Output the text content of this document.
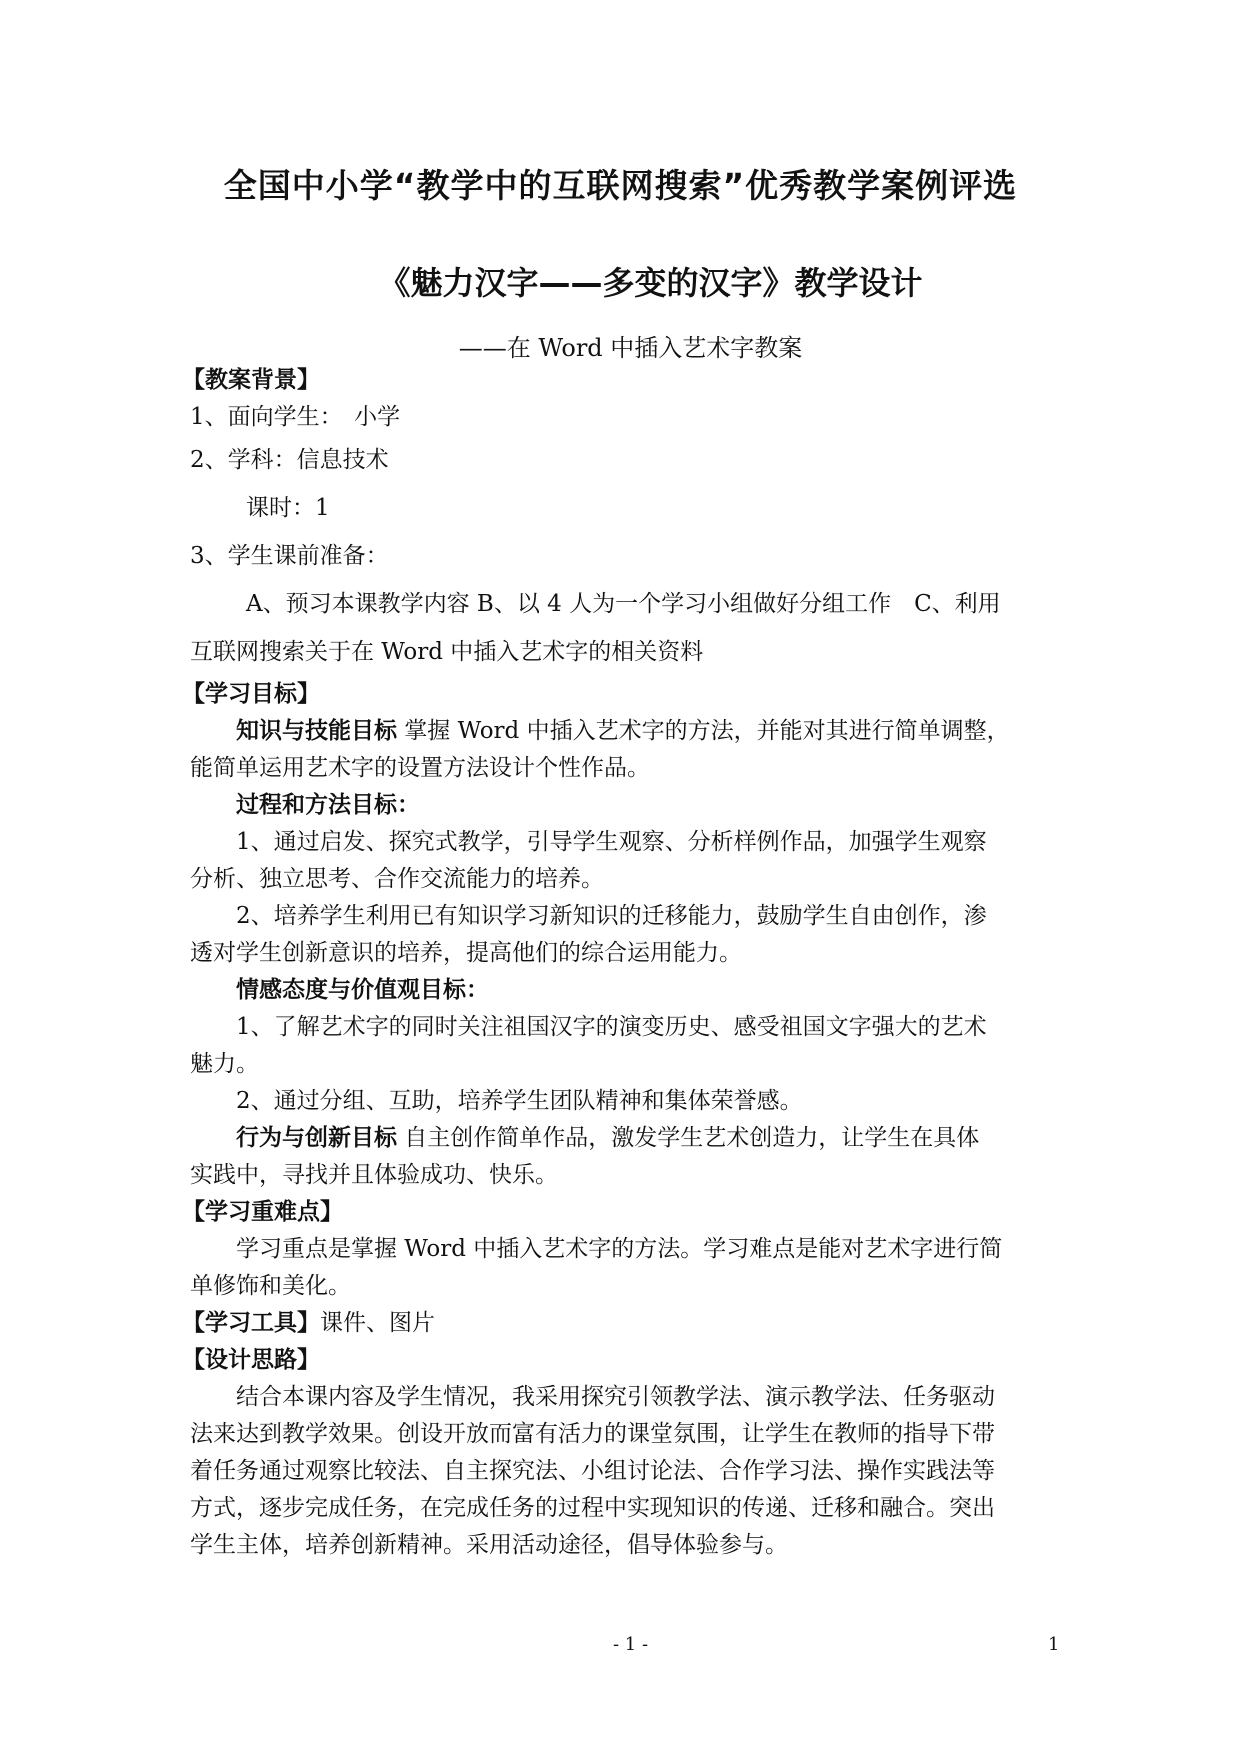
全国中小学“教学中的互联网搜索”优秀教学案例评选
《魅力汉字——多变的汉字》教学设计
——在 Word 中插入艺术字教案
【教案背景】
1、面向学生：　小学
2、学科：信息技术
课时：1
3、学生课前准备：
A、预习本课教学内容 B、以 4 人为一个学习小组做好分组工作　C、利用
互联网搜索关于在 Word 中插入艺术字的相关资料
【学习目标】
知识与技能目标 掌握 Word 中插入艺术字的方法，并能对其进行简单调整，
能简单运用艺术字的设置方法设计个性作品。
过程和方法目标：
1、通过启发、探究式教学，引导学生观察、分析样例作品，加强学生观察
分析、独立思考、合作交流能力的培养。
2、培养学生利用已有知识学习新知识的迁移能力，鼓励学生自由创作，渗
透对学生创新意识的培养，提高他们的综合运用能力。
情感态度与价值观目标：
1、了解艺术字的同时关注祖国汉字的演变历史、感受祖国文字强大的艺术
魅力。
2、通过分组、互助，培养学生团队精神和集体荣誉感。
行为与创新目标 自主创作简单作品，激发学生艺术创造力，让学生在具体
实践中，寻找并且体验成功、快乐。
【学习重难点】
学习重点是掌握 Word 中插入艺术字的方法。学习难点是能对艺术字进行简
单修饰和美化。
【学习工具】课件、图片
【设计思路】
结合本课内容及学生情况，我采用探究引领教学法、演示教学法、任务驱动
法来达到教学效果。创设开放而富有活力的课堂氛围，让学生在教师的指导下带
着任务通过观察比较法、自主探究法、小组讨论法、合作学习法、操作实践法等
方式，逐步完成任务，在完成任务的过程中实现知识的传递、迁移和融合。突出
学生主体，培养创新精神。采用活动途径，倡导体验参与。
- 1 -	1
